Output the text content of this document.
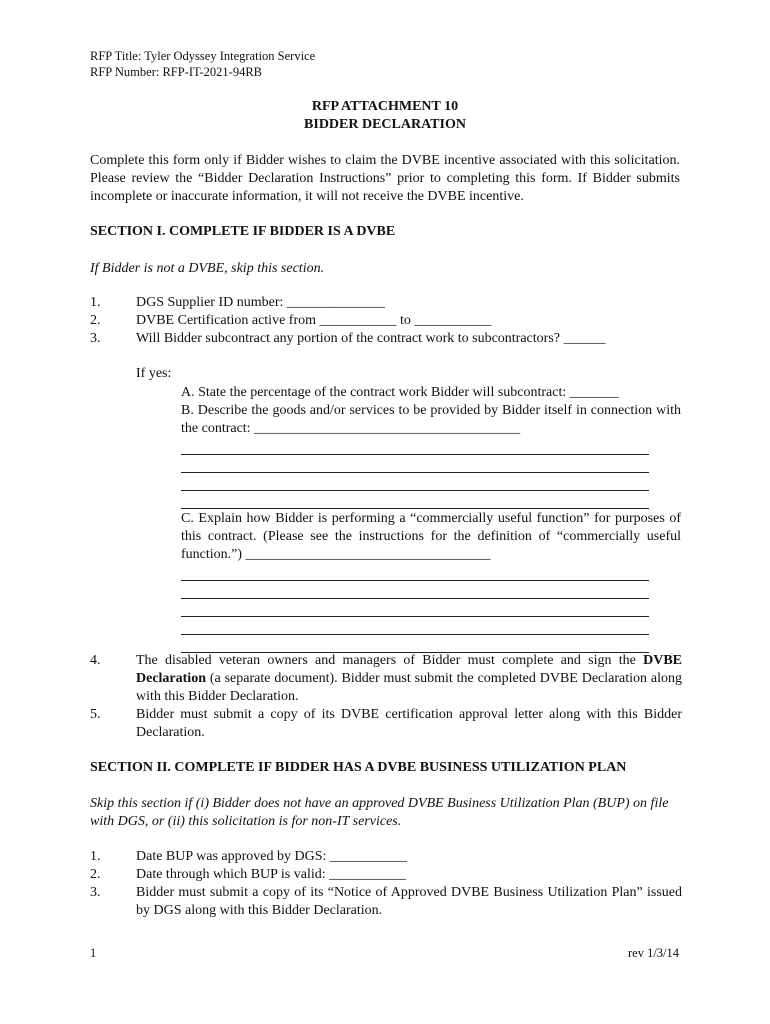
RFP Title: Tyler Odyssey Integration Service
RFP Number: RFP-IT-2021-94RB
RFP ATTACHMENT 10
BIDDER DECLARATION
Complete this form only if Bidder wishes to claim the DVBE incentive associated with this solicitation. Please review the “Bidder Declaration Instructions” prior to completing this form. If Bidder submits incomplete or inaccurate information, it will not receive the DVBE incentive.
SECTION I. COMPLETE IF BIDDER IS A DVBE
If Bidder is not a DVBE, skip this section.
1.	DGS Supplier ID number: ______________
2.	DVBE Certification active from ___________ to ___________
3.	Will Bidder subcontract any portion of the contract work to subcontractors? ______
If yes:
A. State the percentage of the contract work Bidder will subcontract: _______
B. Describe the goods and/or services to be provided by Bidder itself in connection with the contract: ______________________________________
C. Explain how Bidder is performing a “commercially useful function” for purposes of this contract. (Please see the instructions for the definition of “commercially useful function.”) ___________________________________
4.	The disabled veteran owners and managers of Bidder must complete and sign the DVBE Declaration (a separate document). Bidder must submit the completed DVBE Declaration along with this Bidder Declaration.
5.	Bidder must submit a copy of its DVBE certification approval letter along with this Bidder Declaration.
SECTION II. COMPLETE IF BIDDER HAS A DVBE BUSINESS UTILIZATION PLAN
Skip this section if (i) Bidder does not have an approved DVBE Business Utilization Plan (BUP) on file with DGS, or (ii) this solicitation is for non-IT services.
1.	Date BUP was approved by DGS: ___________
2.	Date through which BUP is valid: ___________
3.	Bidder must submit a copy of its “Notice of Approved DVBE Business Utilization Plan” issued by DGS along with this Bidder Declaration.
1	rev 1/3/14
